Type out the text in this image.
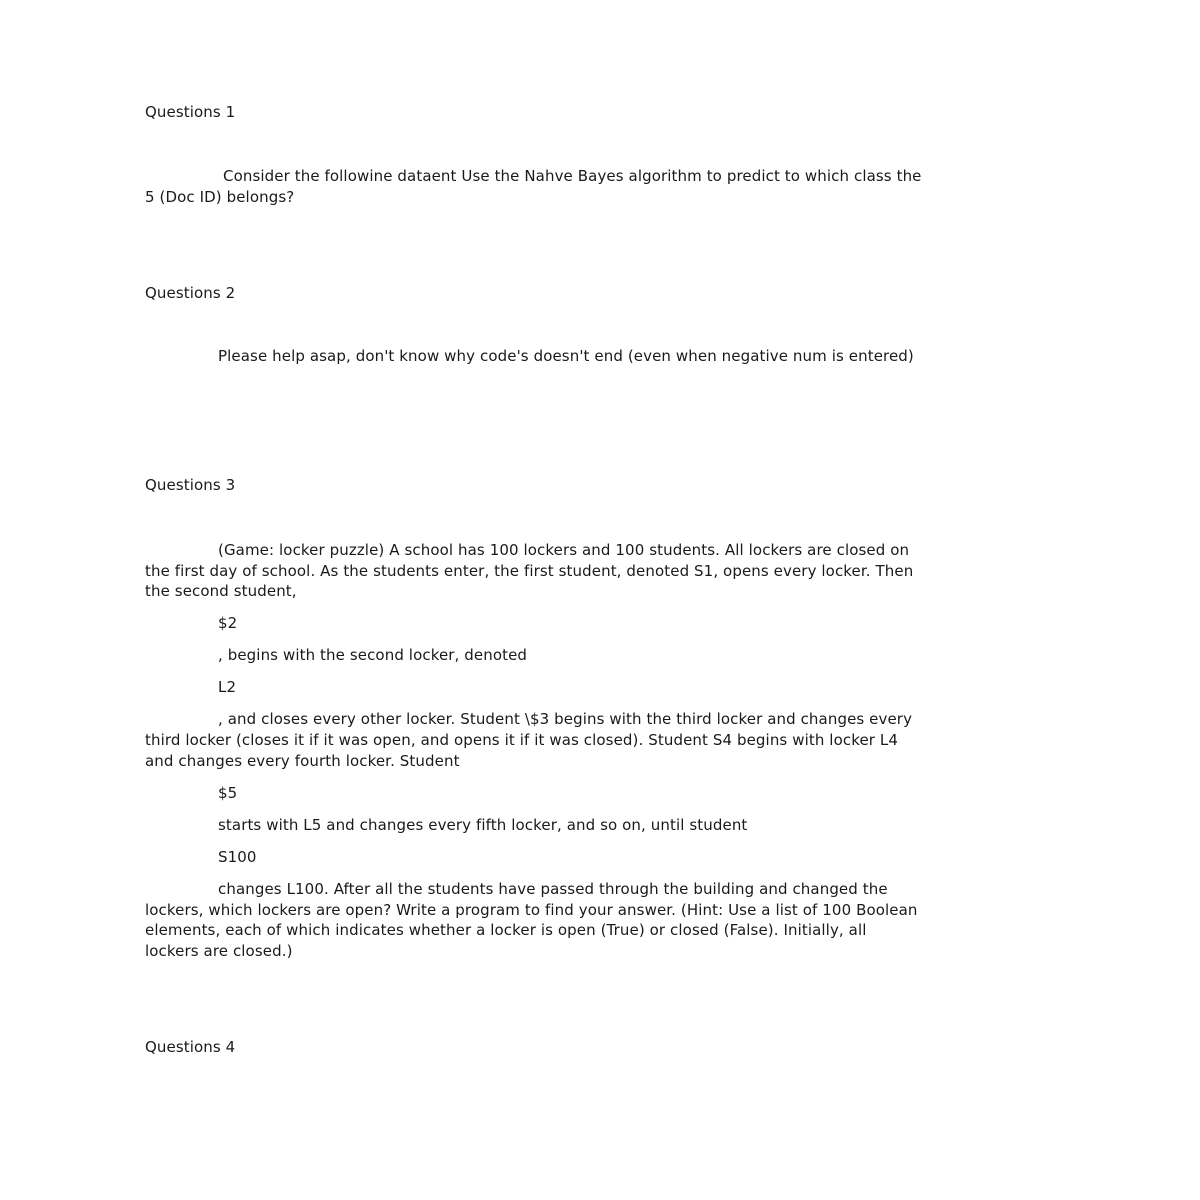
Questions 1

Consider the followine dataent Use the Nahve Bayes algorithm to predict to which class the

5 (Doc ID) belongs?

Questions 2

Please help asap, don't know why code's doesn't end (even when negative num is entered)

Questions 3

(Game: locker puzzle) A school has 100 lockers and 100 students. All lockers are closed on

the first day of school. As the students enter, the first student, denoted S1, opens every locker. Then

the second student,

$2

, begins with the second locker, denoted

L2

, and closes every other locker. Student \$3 begins with the third locker and changes every

third locker (closes it if it was open, and opens it if it was closed). Student S4 begins with locker L4

and changes every fourth locker. Student

$5

starts with L5 and changes every fifth locker, and so on, until student

S100

changes L100. After all the students have passed through the building and changed the

lockers, which lockers are open? Write a program to find your answer. (Hint: Use a list of 100 Boolean

elements, each of which indicates whether a locker is open (True) or closed (False). Initially, all

lockers are closed.)

Questions 4
